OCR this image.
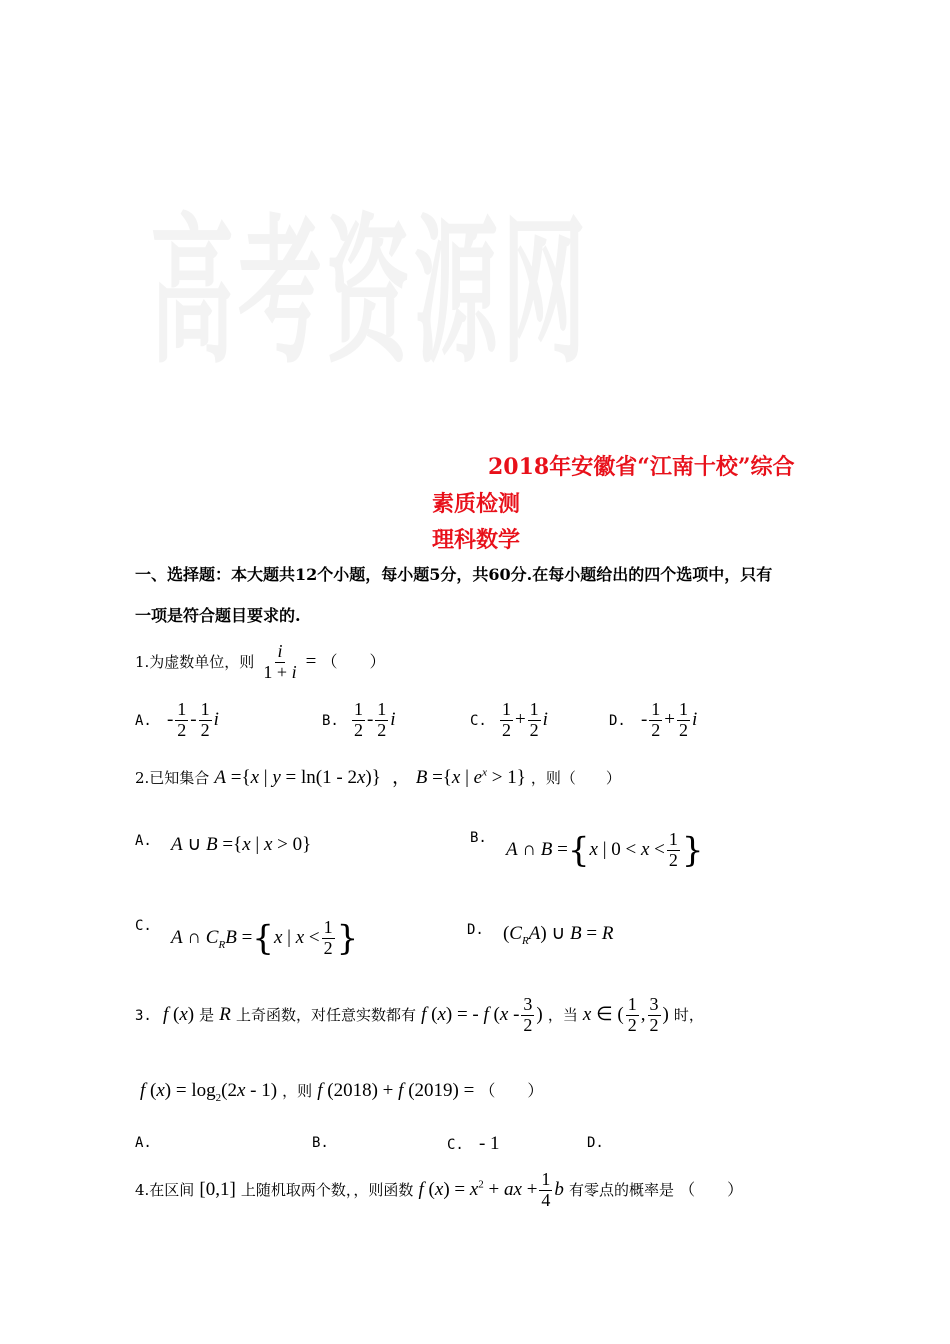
高考资源网
2018年安徽省“江南十校”综合
素质检测
理科数学
一、选择题：本大题共12个小题，每小题5分，共60分.在每小题给出的四个选项中，只有
一项是符合题目要求的.
1.为虚数单位，则 $\frac{i}{1 + i}$ = （　　）
A. - $\frac{1}{2} - \frac{1}{2}$ i	B. $\frac{1}{2} - \frac{1}{2}$ i	C. $\frac{1}{2} + \frac{1}{2}$ i	D. - $\frac{1}{2} + \frac{1}{2}$ i
2.已知集合 A ={x | y = ln(1 - 2x)} ， B ={x | $e^x > 1$} ，则（　　）
A. A ∪ B ={x | x > 0}	B. A ∩ B ={x | $0 < x < \frac{1}{2}$ }
C. A ∩ $C_RB =\{x$ | $x < \frac{1}{2}$ }	D. $(C_RA)$ ∪ B = R
3. f (x) 是 R 上奇函数，对任意实数都有 f (x) = - f ($x - \frac{3}{2}$ ) ，当 x ∈ ( $\frac{1}{2}$ , $\frac{3}{2}$ ) 时，
f $(x) = \log_2(2x - 1)$ ，则 f (2018) + f (2019) = （　　）
A.	B.	C. - 1	D.
4.在区间 [0,1] 上随机取两个数，，则函数 f $(x) = x^2$ + ax + $\frac{1}{4}$ b 有零点的概率是 （　　）
